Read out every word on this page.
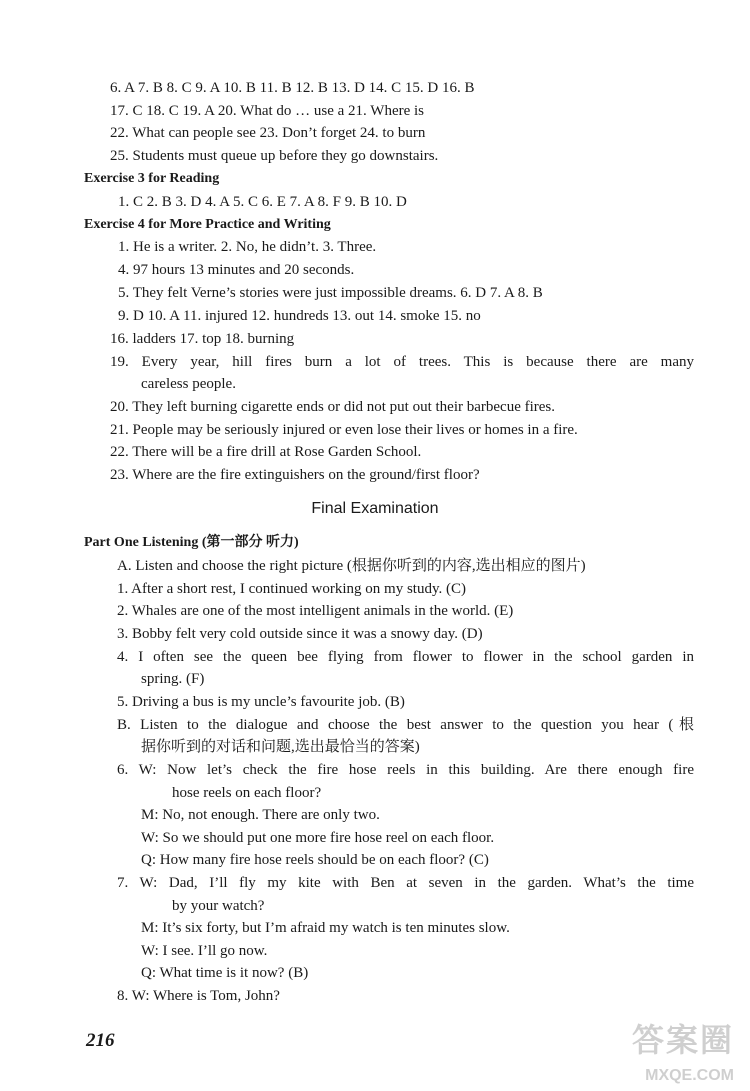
6. A 7. B 8. C 9. A 10. B 11. B 12. B 13. D 14. C 15. D 16. B
17. C 18. C 19. A 20. What do … use a 21. Where is
22. What can people see 23. Don’t forget 24. to burn
25. Students must queue up before they go downstairs.
Exercise 3 for Reading
1. C 2. B 3. D 4. A 5. C 6. E 7. A 8. F 9. B 10. D
Exercise 4 for More Practice and Writing
1. He is a writer. 2. No, he didn’t. 3. Three.
4. 97 hours 13 minutes and 20 seconds.
5. They felt Verne’s stories were just impossible dreams. 6. D 7. A 8. B
9. D 10. A 11. injured 12. hundreds 13. out 14. smoke 15. no
16. ladders 17. top 18. burning
19. Every year, hill fires burn a lot of trees. This is because there are many
careless people.
20. They left burning cigarette ends or did not put out their barbecue fires.
21. People may be seriously injured or even lose their lives or homes in a fire.
22. There will be a fire drill at Rose Garden School.
23. Where are the fire extinguishers on the ground/first floor?
Final Examination
Part One Listening (第一部分 听力)
A. Listen and choose the right picture (根据你听到的内容,选出相应的图片)
1. After a short rest, I continued working on my study. (C)
2. Whales are one of the most intelligent animals in the world. (E)
3. Bobby felt very cold outside since it was a snowy day. (D)
4. I often see the queen bee flying from flower to flower in the school garden in
spring. (F)
5. Driving a bus is my uncle’s favourite job. (B)
B. Listen to the dialogue and choose the best answer to the question you hear (根
据你听到的对话和问题,选出最恰当的答案)
6. W: Now let’s check the fire hose reels in this building. Are there enough fire
hose reels on each floor?
M: No, not enough. There are only two.
W: So we should put one more fire hose reel on each floor.
Q: How many fire hose reels should be on each floor? (C)
7. W: Dad, I’ll fly my kite with Ben at seven in the garden. What’s the time
by your watch?
M: It’s six forty, but I’m afraid my watch is ten minutes slow.
W: I see. I’ll go now.
Q: What time is it now? (B)
8. W: Where is Tom, John?
216	答案圈
MXQE.COM
